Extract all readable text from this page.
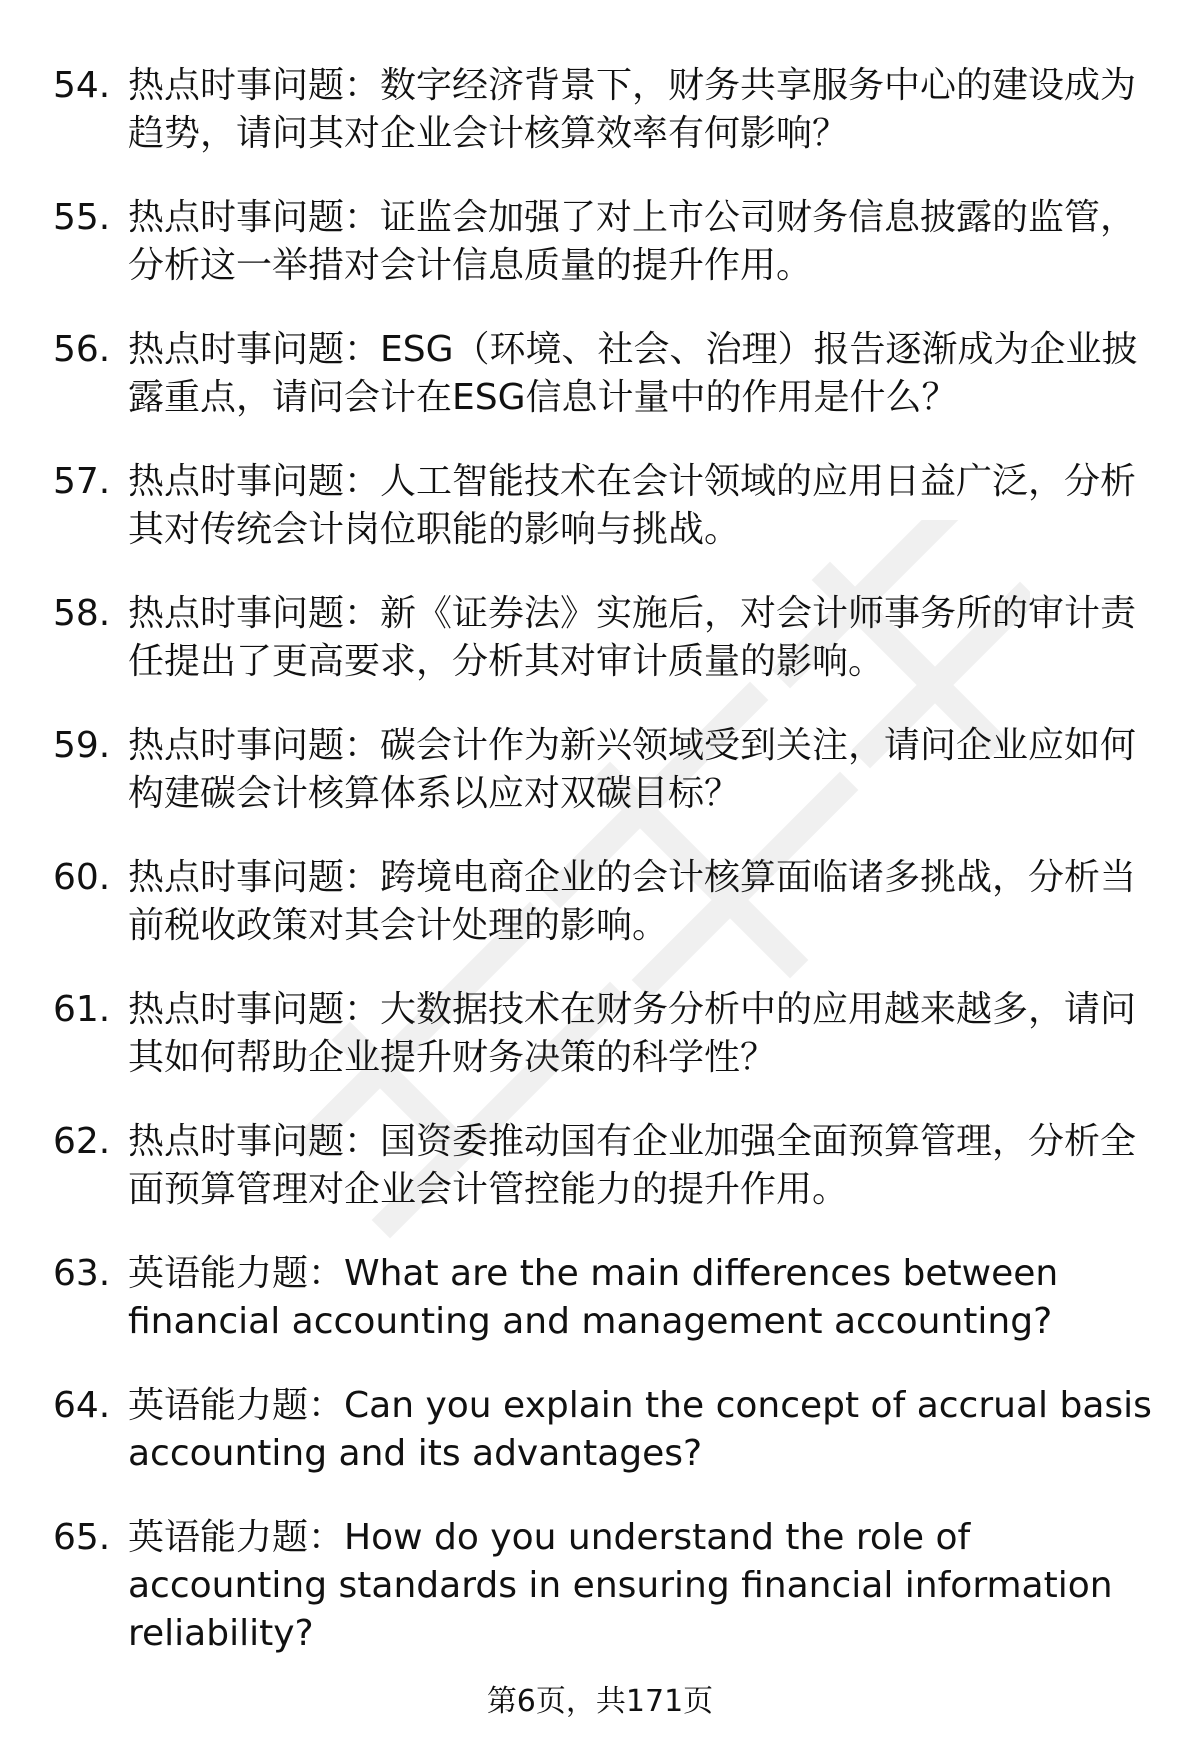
54. 热点时事问题：数字经济背景下，财务共享服务中心的建设成为趋势，请问其对企业会计核算效率有何影响？
55. 热点时事问题：证监会加强了对上市公司财务信息披露的监管，分析这一举措对会计信息质量的提升作用。
56. 热点时事问题：ESG（环境、社会、治理）报告逐渐成为企业披露重点，请问会计在ESG信息计量中的作用是什么？
57. 热点时事问题：人工智能技术在会计领域的应用日益广泛，分析其对传统会计岗位职能的影响与挑战。
58. 热点时事问题：新《证券法》实施后，对会计师事务所的审计责任提出了更高要求，分析其对审计质量的影响。
59. 热点时事问题：碳会计作为新兴领域受到关注，请问企业应如何构建碳会计核算体系以应对双碳目标？
60. 热点时事问题：跨境电商企业的会计核算面临诸多挑战，分析当前税收政策对其会计处理的影响。
61. 热点时事问题：大数据技术在财务分析中的应用越来越多，请问其如何帮助企业提升财务决策的科学性？
62. 热点时事问题：国资委推动国有企业加强全面预算管理，分析全面预算管理对企业会计管控能力的提升作用。
63. 英语能力题：What are the main differences between financial accounting and management accounting?
64. 英语能力题：Can you explain the concept of accrual basis accounting and its advantages?
65. 英语能力题：How do you understand the role of accounting standards in ensuring financial information reliability?
第6页，共171页
